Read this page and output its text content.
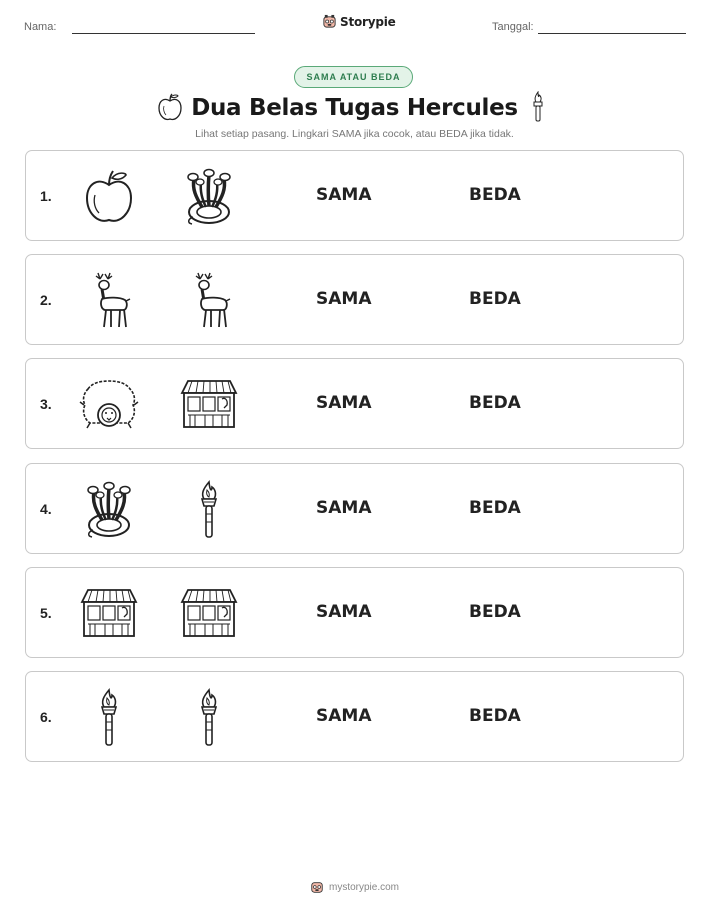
Nama:	Storypie	Tanggal:
SAMA ATAU BEDA
Dua Belas Tugas Hercules
Lihat setiap pasang. Lingkari SAMA jika cocok, atau BEDA jika tidak.
1.	SAMA	BEDA
2.	SAMA	BEDA
3.	SAMA	BEDA
4.	SAMA	BEDA
5.	SAMA	BEDA
6.	SAMA	BEDA
mystorypie.com
